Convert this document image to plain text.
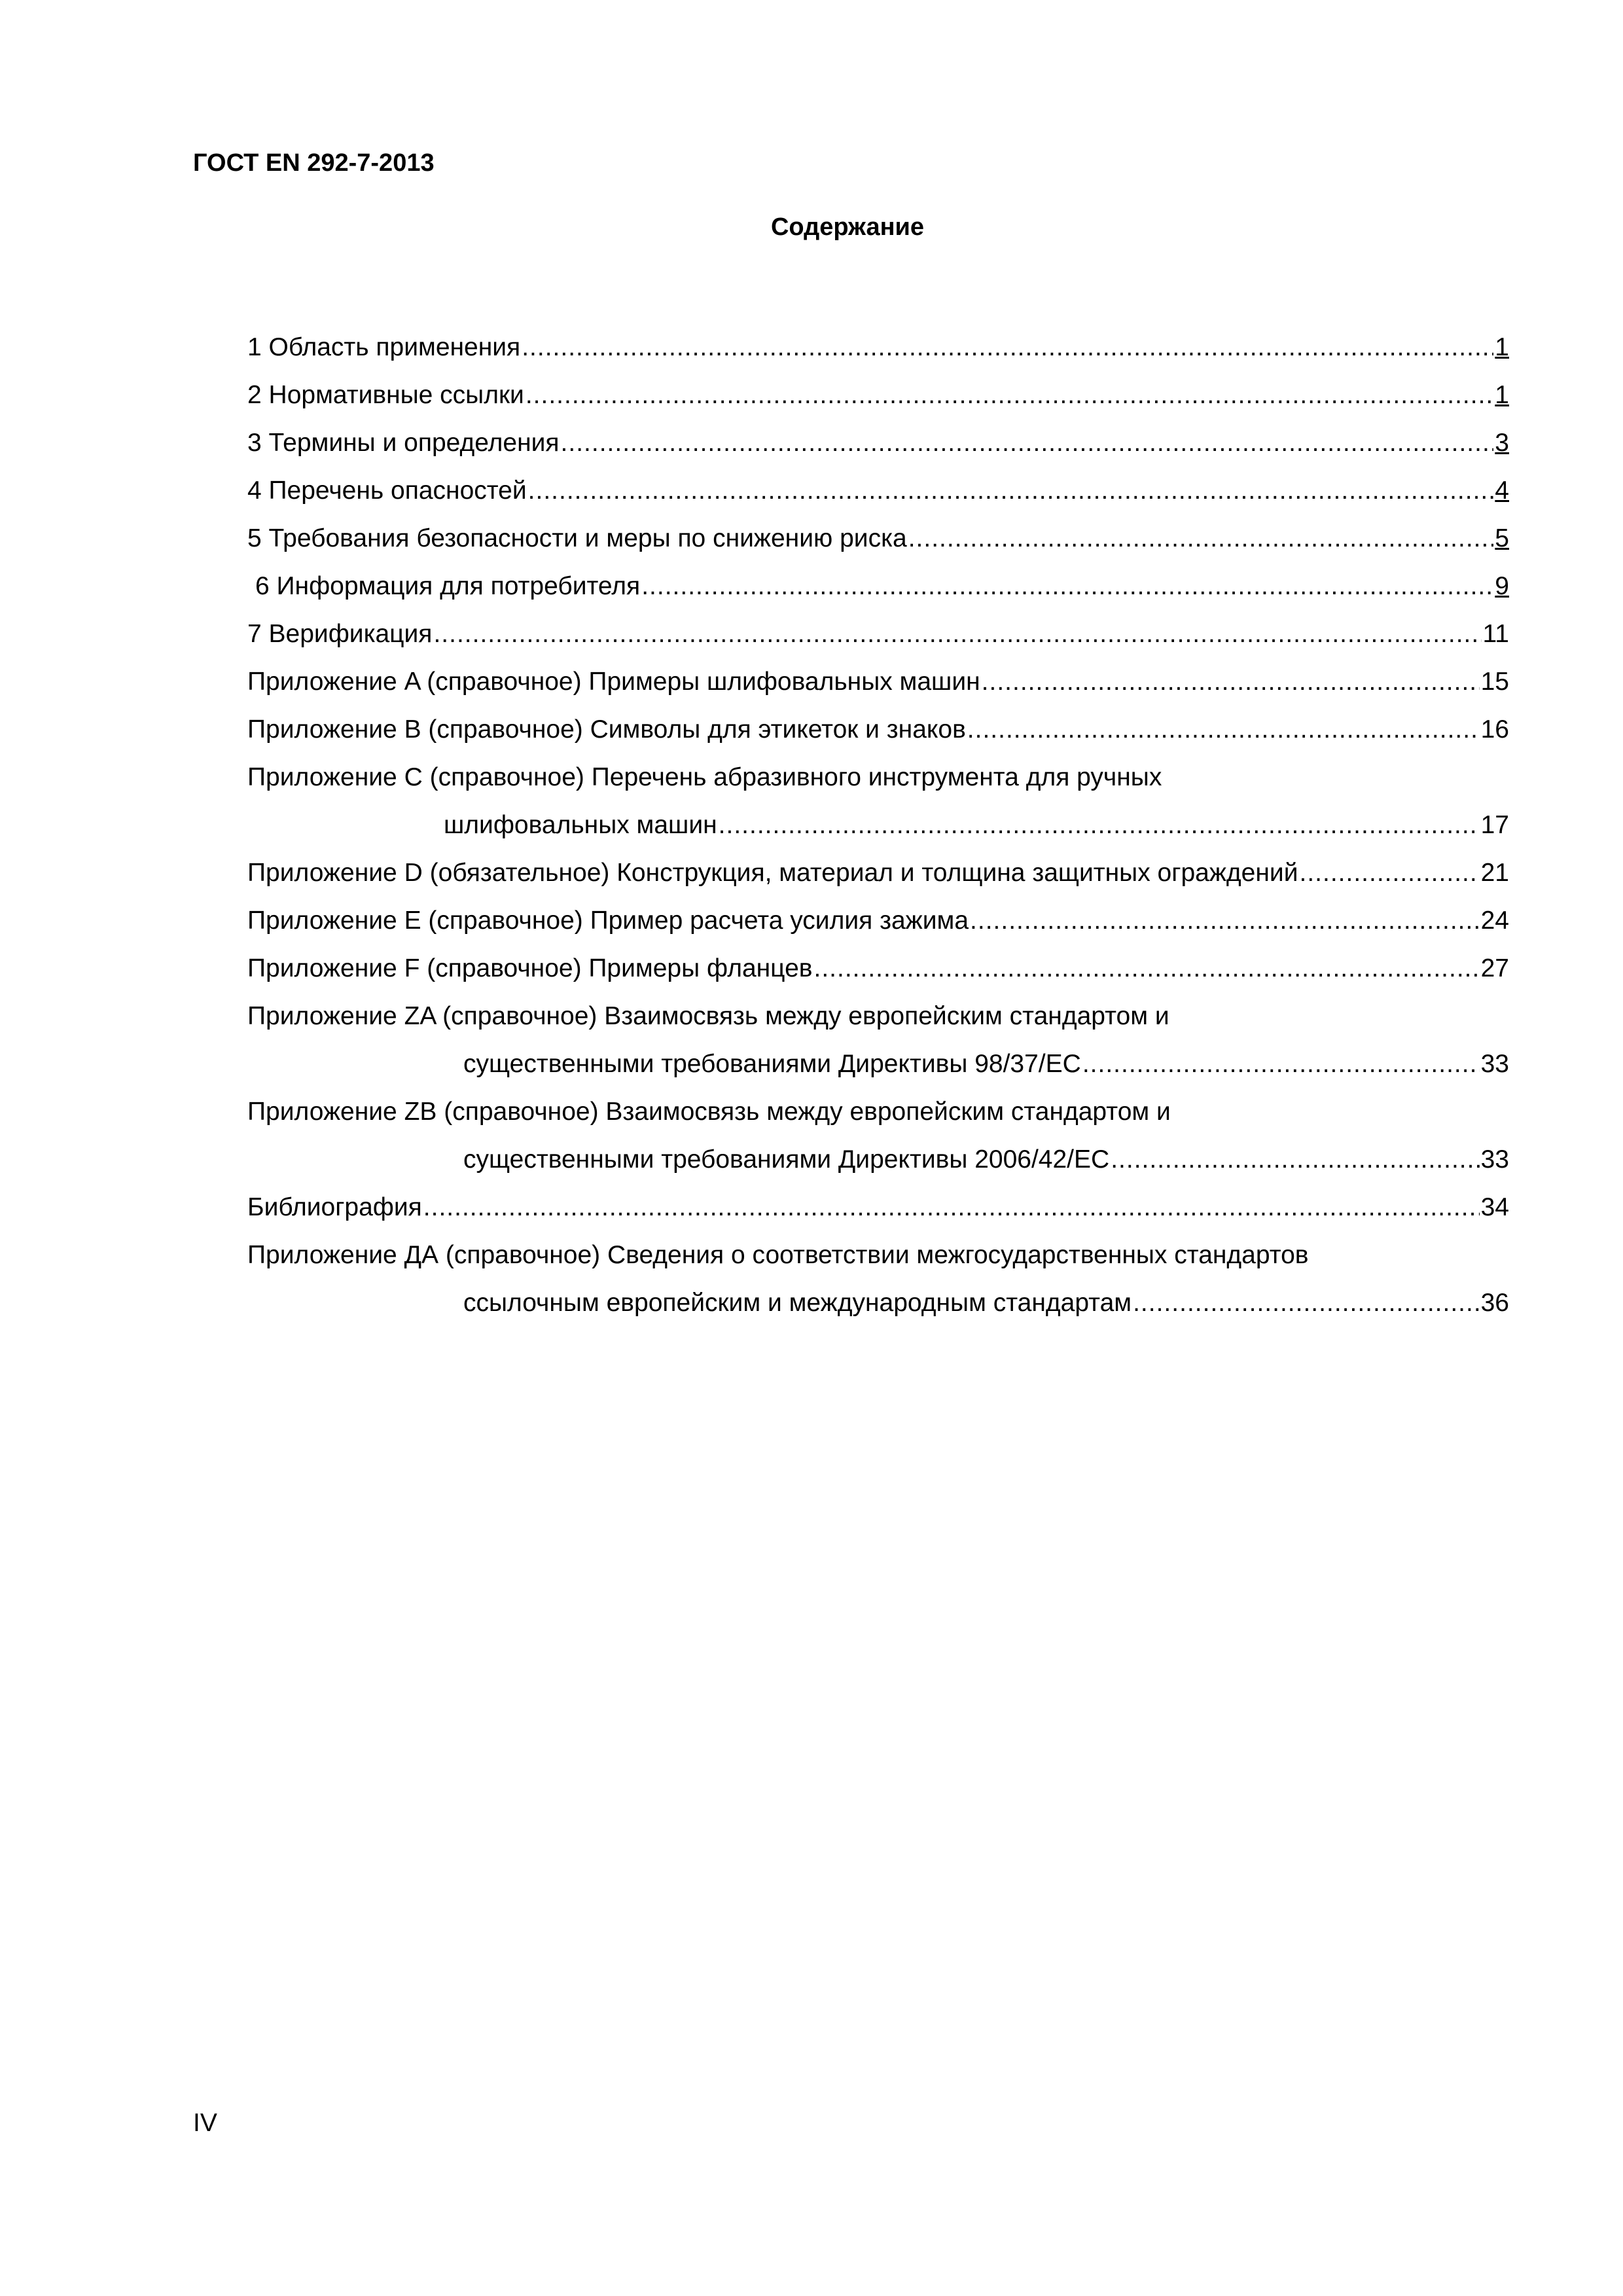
ГОСТ EN 292-7-2013

Содержание
1 Область применения .....	1
2 Нормативные ссылки .....	1
3 Термины и определения .....	3
4 Перечень опасностей .....	4
5 Требования безопасности и меры по снижению риска .....	5
6 Информация для потребителя .....	9
7 Верификация .....	11
Приложение A (справочное) Примеры шлифовальных машин .....	15
Приложение B (справочное) Символы для этикеток и знаков .....	16
Приложение C (справочное) Перечень абразивного инструмента для ручных
шлифовальных машин .....	17
Приложение D (обязательное) Конструкция, материал и толщина защитных ограждений .....	21
Приложение E (справочное) Пример расчета усилия зажима .....	24
Приложение F (справочное) Примеры фланцев .....	27
Приложение ZA (справочное) Взаимосвязь между европейским стандартом и
существенными требованиями Директивы 98/37/ЕС .....	33
Приложение ZB (справочное) Взаимосвязь между европейским стандартом и
существенными требованиями Директивы 2006/42/ЕС .....	33
Библиография .....	34
Приложение ДА (справочное) Сведения о соответствии межгосударственных стандартов
ссылочным европейским и международным стандартам .....	36

IV
